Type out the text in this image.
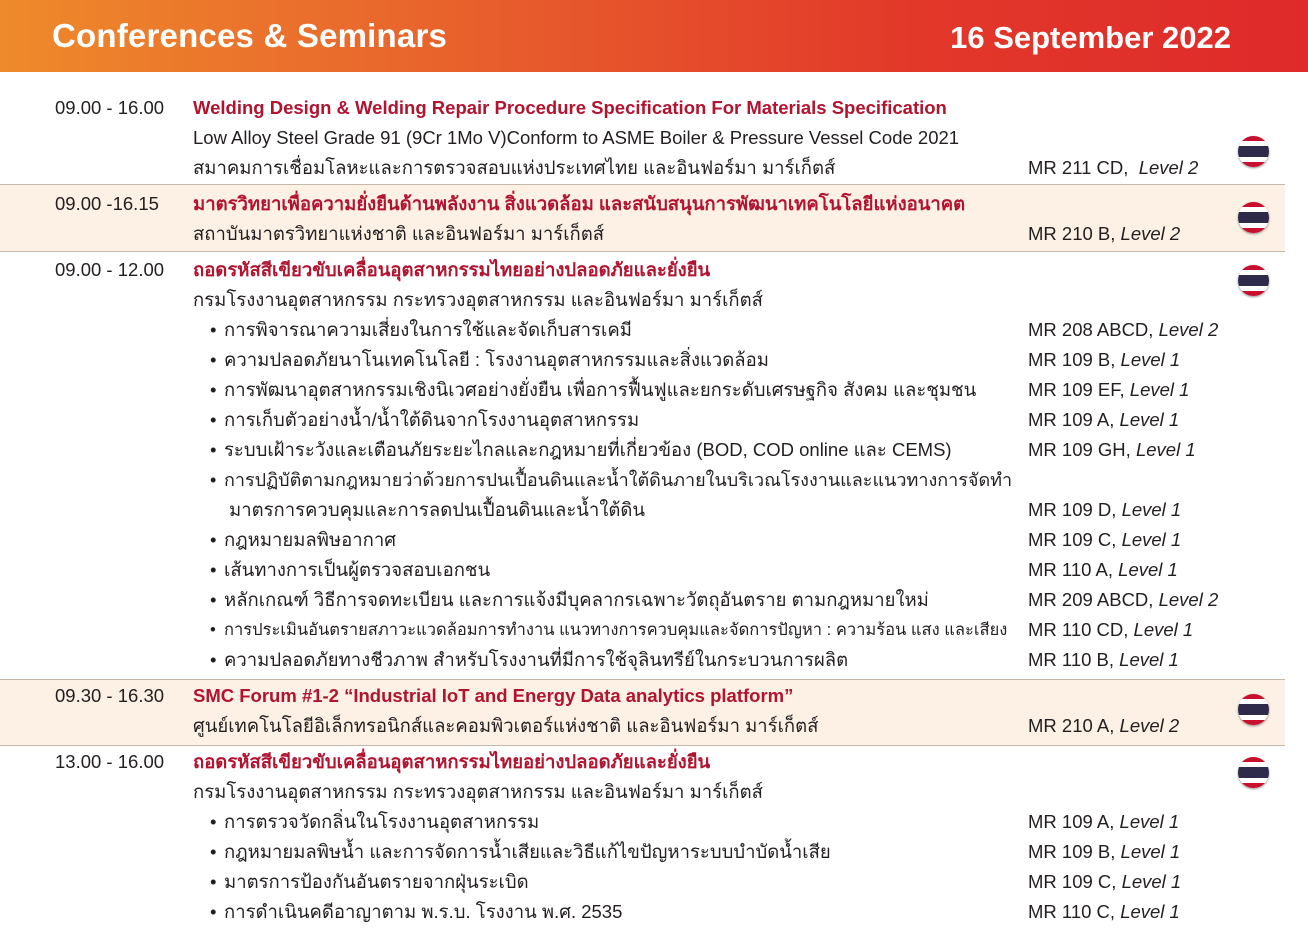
Conferences & Seminars	16 September 2022
09.00 - 16.00 Welding Design & Welding Repair Procedure Specification For Materials Specification
Low Alloy Steel Grade 91 (9Cr 1Mo V)Conform to ASME Boiler & Pressure Vessel Code 2021
สมาคมการเชื่อมโลหะและการตรวจสอบแห่งประเทศไทย และอินฟอร์มา มาร์เก็ตส์	MR 211 CD, Level 2
09.00 -16.15 มาตรวิทยาเพื่อความยั่งยืนด้านพลังงาน สิ่งแวดล้อม และสนับสนุนการพัฒนาเทคโนโลยีแห่งอนาคต
สถาบันมาตรวิทยาแห่งชาติ และอินฟอร์มา มาร์เก็ตส์	MR 210 B, Level 2
09.00 - 12.00 ถอดรหัสสีเขียวขับเคลื่อนอุตสาหกรรมไทยอย่างปลอดภัยและยั่งยืน
กรมโรงงานอุตสาหกรรม กระทรวงอุตสาหกรรม และอินฟอร์มา มาร์เก็ตส์
• การพิจารณาความเสี่ยงในการใช้และจัดเก็บสารเคมี	MR 208 ABCD, Level 2
• ความปลอดภัยนาโนเทคโนโลยี : โรงงานอุตสาหกรรมและสิ่งแวดล้อม	MR 109 B, Level 1
• การพัฒนาอุตสาหกรรมเชิงนิเวศอย่างยั่งยืน เพื่อการฟื้นฟูและยกระดับเศรษฐกิจ สังคม และชุมชน	MR 109 EF, Level 1
• การเก็บตัวอย่างน้ำ/น้ำใต้ดินจากโรงงานอุตสาหกรรม	MR 109 A, Level 1
• ระบบเฝ้าระวังและเตือนภัยระยะไกลและกฎหมายที่เกี่ยวข้อง (BOD, COD online และ CEMS)	MR 109 GH, Level 1
• การปฏิบัติตามกฎหมายว่าด้วยการปนเปื้อนดินและน้ำใต้ดินภายในบริเวณโรงงานและแนวทางการจัดทำ
มาตรการควบคุมและการลดปนเปื้อนดินและน้ำใต้ดิน	MR 109 D, Level 1
• กฎหมายมลพิษอากาศ	MR 109 C, Level 1
• เส้นทางการเป็นผู้ตรวจสอบเอกชน	MR 110 A, Level 1
• หลักเกณฑ์ วิธีการจดทะเบียน และการแจ้งมีบุคลากรเฉพาะวัตถุอันตราย ตามกฎหมายใหม่	MR 209 ABCD, Level 2
• การประเมินอันตรายสภาวะแวดล้อมการทำงาน แนวทางการควบคุมและจัดการปัญหา : ความร้อน แสง และเสียง MR 110 CD, Level 1
• ความปลอดภัยทางชีวภาพ สำหรับโรงงานที่มีการใช้จุลินทรีย์ในกระบวนการผลิต	MR 110 B, Level 1
09.30 - 16.30 SMC Forum #1-2 “Industrial IoT and Energy Data analytics platform”
ศูนย์เทคโนโลยีอิเล็กทรอนิกส์และคอมพิวเตอร์แห่งชาติ และอินฟอร์มา มาร์เก็ตส์	MR 210 A, Level 2
13.00 - 16.00 ถอดรหัสสีเขียวขับเคลื่อนอุตสาหกรรมไทยอย่างปลอดภัยและยั่งยืน
กรมโรงงานอุตสาหกรรม กระทรวงอุตสาหกรรม และอินฟอร์มา มาร์เก็ตส์
• การตรวจวัดกลิ่นในโรงงานอุตสาหกรรม	MR 109 A, Level 1
• กฎหมายมลพิษน้ำ และการจัดการน้ำเสียและวิธีแก้ไขปัญหาระบบบำบัดน้ำเสีย	MR 109 B, Level 1
• มาตรการป้องกันอันตรายจากฝุ่นระเบิด	MR 109 C, Level 1
• การดำเนินคดีอาญาตาม พ.ร.บ. โรงงาน พ.ศ. 2535	MR 110 C, Level 1
